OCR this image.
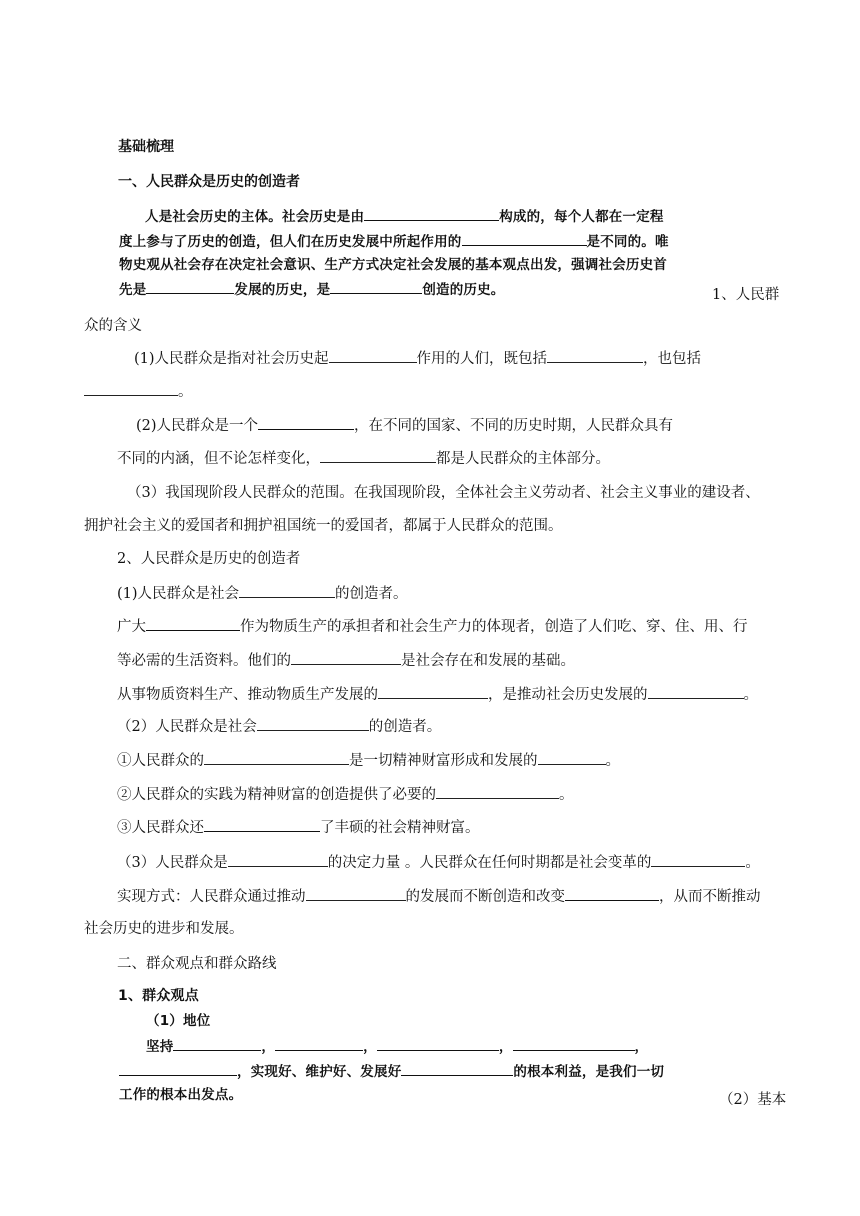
基础梳理
一、人民群众是历史的创造者
人是社会历史的主体。社会历史是由	构成的，每个人都在一定程
度上参与了历史的创造，但人们在历史发展中所起作用的	是不同的。唯
物史观从社会存在决定社会意识、生产方式决定社会发展的基本观点出发，强调社会历史首
先是	发展的历史，是	创造的历史。	1、人民群
众的含义
(1)人民群众是指对社会历史起	作用的人们，既包括	，也包括
。
(2)人民群众是一个	，在不同的国家、不同的历史时期，人民群众具有
不同的内涵，但不论怎样变化，	都是人民群众的主体部分。
（3）我国现阶段人民群众的范围。在我国现阶段，全体社会主义劳动者、社会主义事业的建设者、
拥护社会主义的爱国者和拥护祖国统一的爱国者，都属于人民群众的范围。
2、人民群众是历史的创造者
(1)人民群众是社会	的创造者。
广大	作为物质生产的承担者和社会生产力的体现者，创造了人们吃、穿、住、用、行
等必需的生活资料。他们的	是社会存在和发展的基础。
从事物质资料生产、推动物质生产发展的	，是推动社会历史发展的	。
（2）人民群众是社会	的创造者。
①人民群众的	是一切精神财富形成和发展的	。
②人民群众的实践为精神财富的创造提供了必要的	。
③人民群众还	了丰硕的社会精神财富。
（3）人民群众是	的决定力量 。人民群众在任何时期都是社会变革的	。
实现方式：人民群众通过推动	的发展而不断创造和改变	，从而不断推动
社会历史的进步和发展。
二、群众观点和群众路线
1、群众观点
（1）地位
坚持	，	，	，	，
，实现好、维护好、发展好	的根本利益，是我们一切
工作的根本出发点。	（2）基本
